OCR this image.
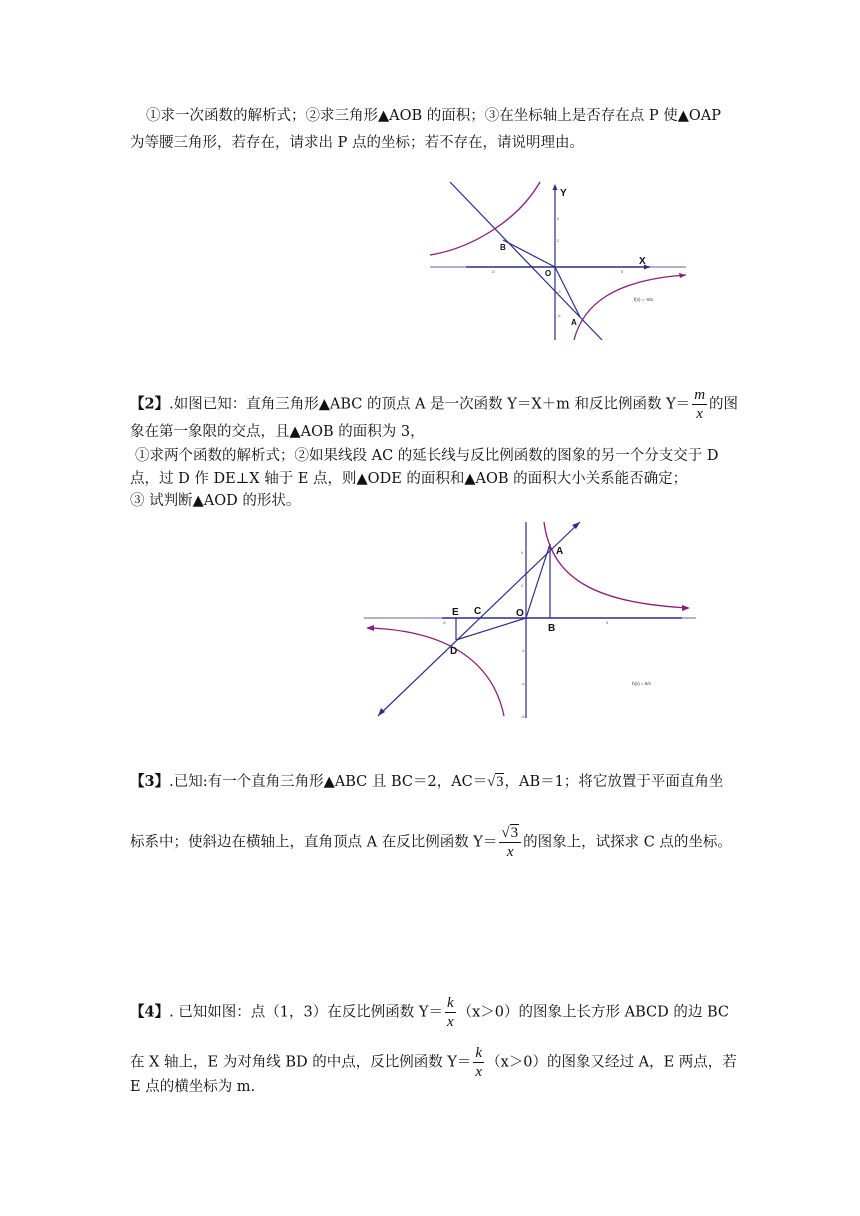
①求一次函数的解析式；②求三角形▲AOB 的面积；③在坐标轴上是否存在点 P 使▲OAP
为等腰三角形，若存在，请求出 P 点的坐标；若不存在，请说明理由。
-5	5
5
2
-2
-4
Y
X
B
O
A
f(x) = -8/x
【2】.如图已知：直角三角形▲ABC 的顶点 A 是一次函数 Y＝X＋m 和反比例函数 $Y= \frac{m}{x}$ 的图
象在第一象限的交点，且▲AOB 的面积为 3，
①求两个函数的解析式；②如果线段 AC 的延长线与反比例函数的图象的另一个分支交于 D
点，过 D 作 DE⊥X 轴于 E 点，则▲ODE 的面积和▲AOB 的面积大小关系能否确定；
③ 试判断▲AOD 的形状。
-5	5
4
2
-2
-4
-6
A
E C	O
B
D
h(x) = 6/x
【3】.已知:有一个直角三角形▲ABC 且 BC＝2，AC＝√3，AB＝1；将它放置于平面直角坐
标系中；使斜边在横轴上，直角顶点 A 在反比例函数 $Y= \frac{√3}{x}$ 的图象上，试探求 C 点的坐标。
【4】. 已知如图：点（1，3）在反比例函数 $Y= \frac{k}{x} (x>0)$的图象上长方形 ABCD 的边 BC
在 X 轴上，E 为对角线 BD 的中点，反比例函数 $Y= \frac{k}{x} (x>0)$的图象又经过 A，E 两点，若
E 点的横坐标为 m.
